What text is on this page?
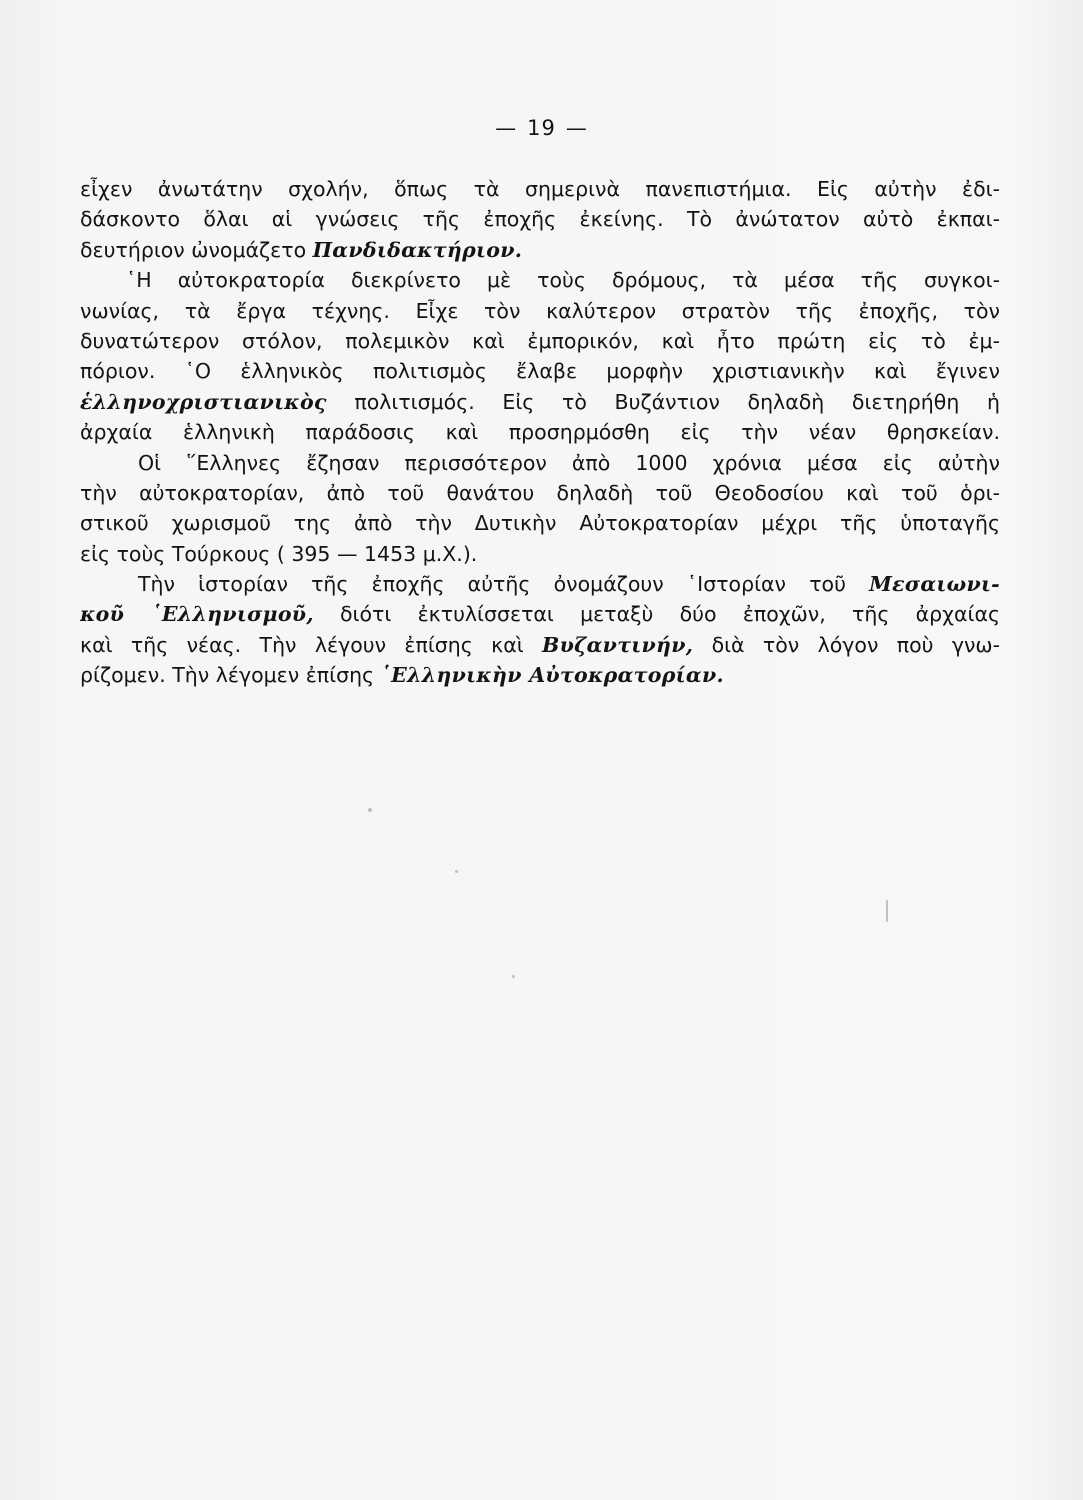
— 19 —
εἶχεν ἀνωτάτην σχολήν, ὅπως τὰ σημερινὰ πανεπιστήμια. Εἰς αὐτὴν ἐδι-
δάσκοντο ὅλαι αἱ γνώσεις τῆς ἐποχῆς ἐκείνης. Τὸ ἀνώτατον αὐτὸ ἐκπαι-
δευτήριον ὠνομάζετο Πανδιδακτήριον.
῾Η αὐτοκρατορία διεκρίνετο μὲ τοὺς δρόμους, τὰ μέσα τῆς συγκοι-
νωνίας, τὰ ἔργα τέχνης. Εἶχε τὸν καλύτερον στρατὸν τῆς ἐποχῆς, τὸν
δυνατώτερον στόλον, πολεμικὸν καὶ ἐμπορικόν, καὶ ἦτο πρώτη εἰς τὸ ἐμ-
πόριον. ῾Ο ἑλληνικὸς πολιτισμὸς ἔλαβε μορφὴν χριστιανικὴν καὶ ἔγινεν
ἑλληνοχριστιανικὸς πολιτισμός. Εἰς τὸ Βυζάντιον δηλαδὴ διετηρήθη ἡ
ἀρχαία ἑλληνικὴ παράδοσις καὶ προσηρμόσθη εἰς τὴν νέαν θρησκείαν.
Οἱ ῞Ελληνες ἔζησαν περισσότερον ἀπὸ 1000 χρόνια μέσα εἰς αὐτὴν
τὴν αὐτοκρατορίαν, ἀπὸ τοῦ θανάτου δηλαδὴ τοῦ Θεοδοσίου καὶ τοῦ ὁρι-
στικοῦ χωρισμοῦ της ἀπὸ τὴν Δυτικὴν Αὐτοκρατορίαν μέχρι τῆς ὑποταγῆς
εἰς τοὺς Τούρκους ( 395 — 1453 μ.Χ.).
Τὴν ἱστορίαν τῆς ἐποχῆς αὐτῆς ὀνομάζουν ῾Ιστορίαν τοῦ Μεσαιωνι-
κοῦ ῾Ελληνισμοῦ, διότι ἐκτυλίσσεται μεταξὺ δύο ἐποχῶν, τῆς ἀρχαίας
καὶ τῆς νέας. Τὴν λέγουν ἐπίσης καὶ Βυζαντινήν, διὰ τὸν λόγον ποὺ γνω-
ρίζομεν. Τὴν λέγομεν ἐπίσης ῾Ελληνικὴν Αὐτοκρατορίαν.
